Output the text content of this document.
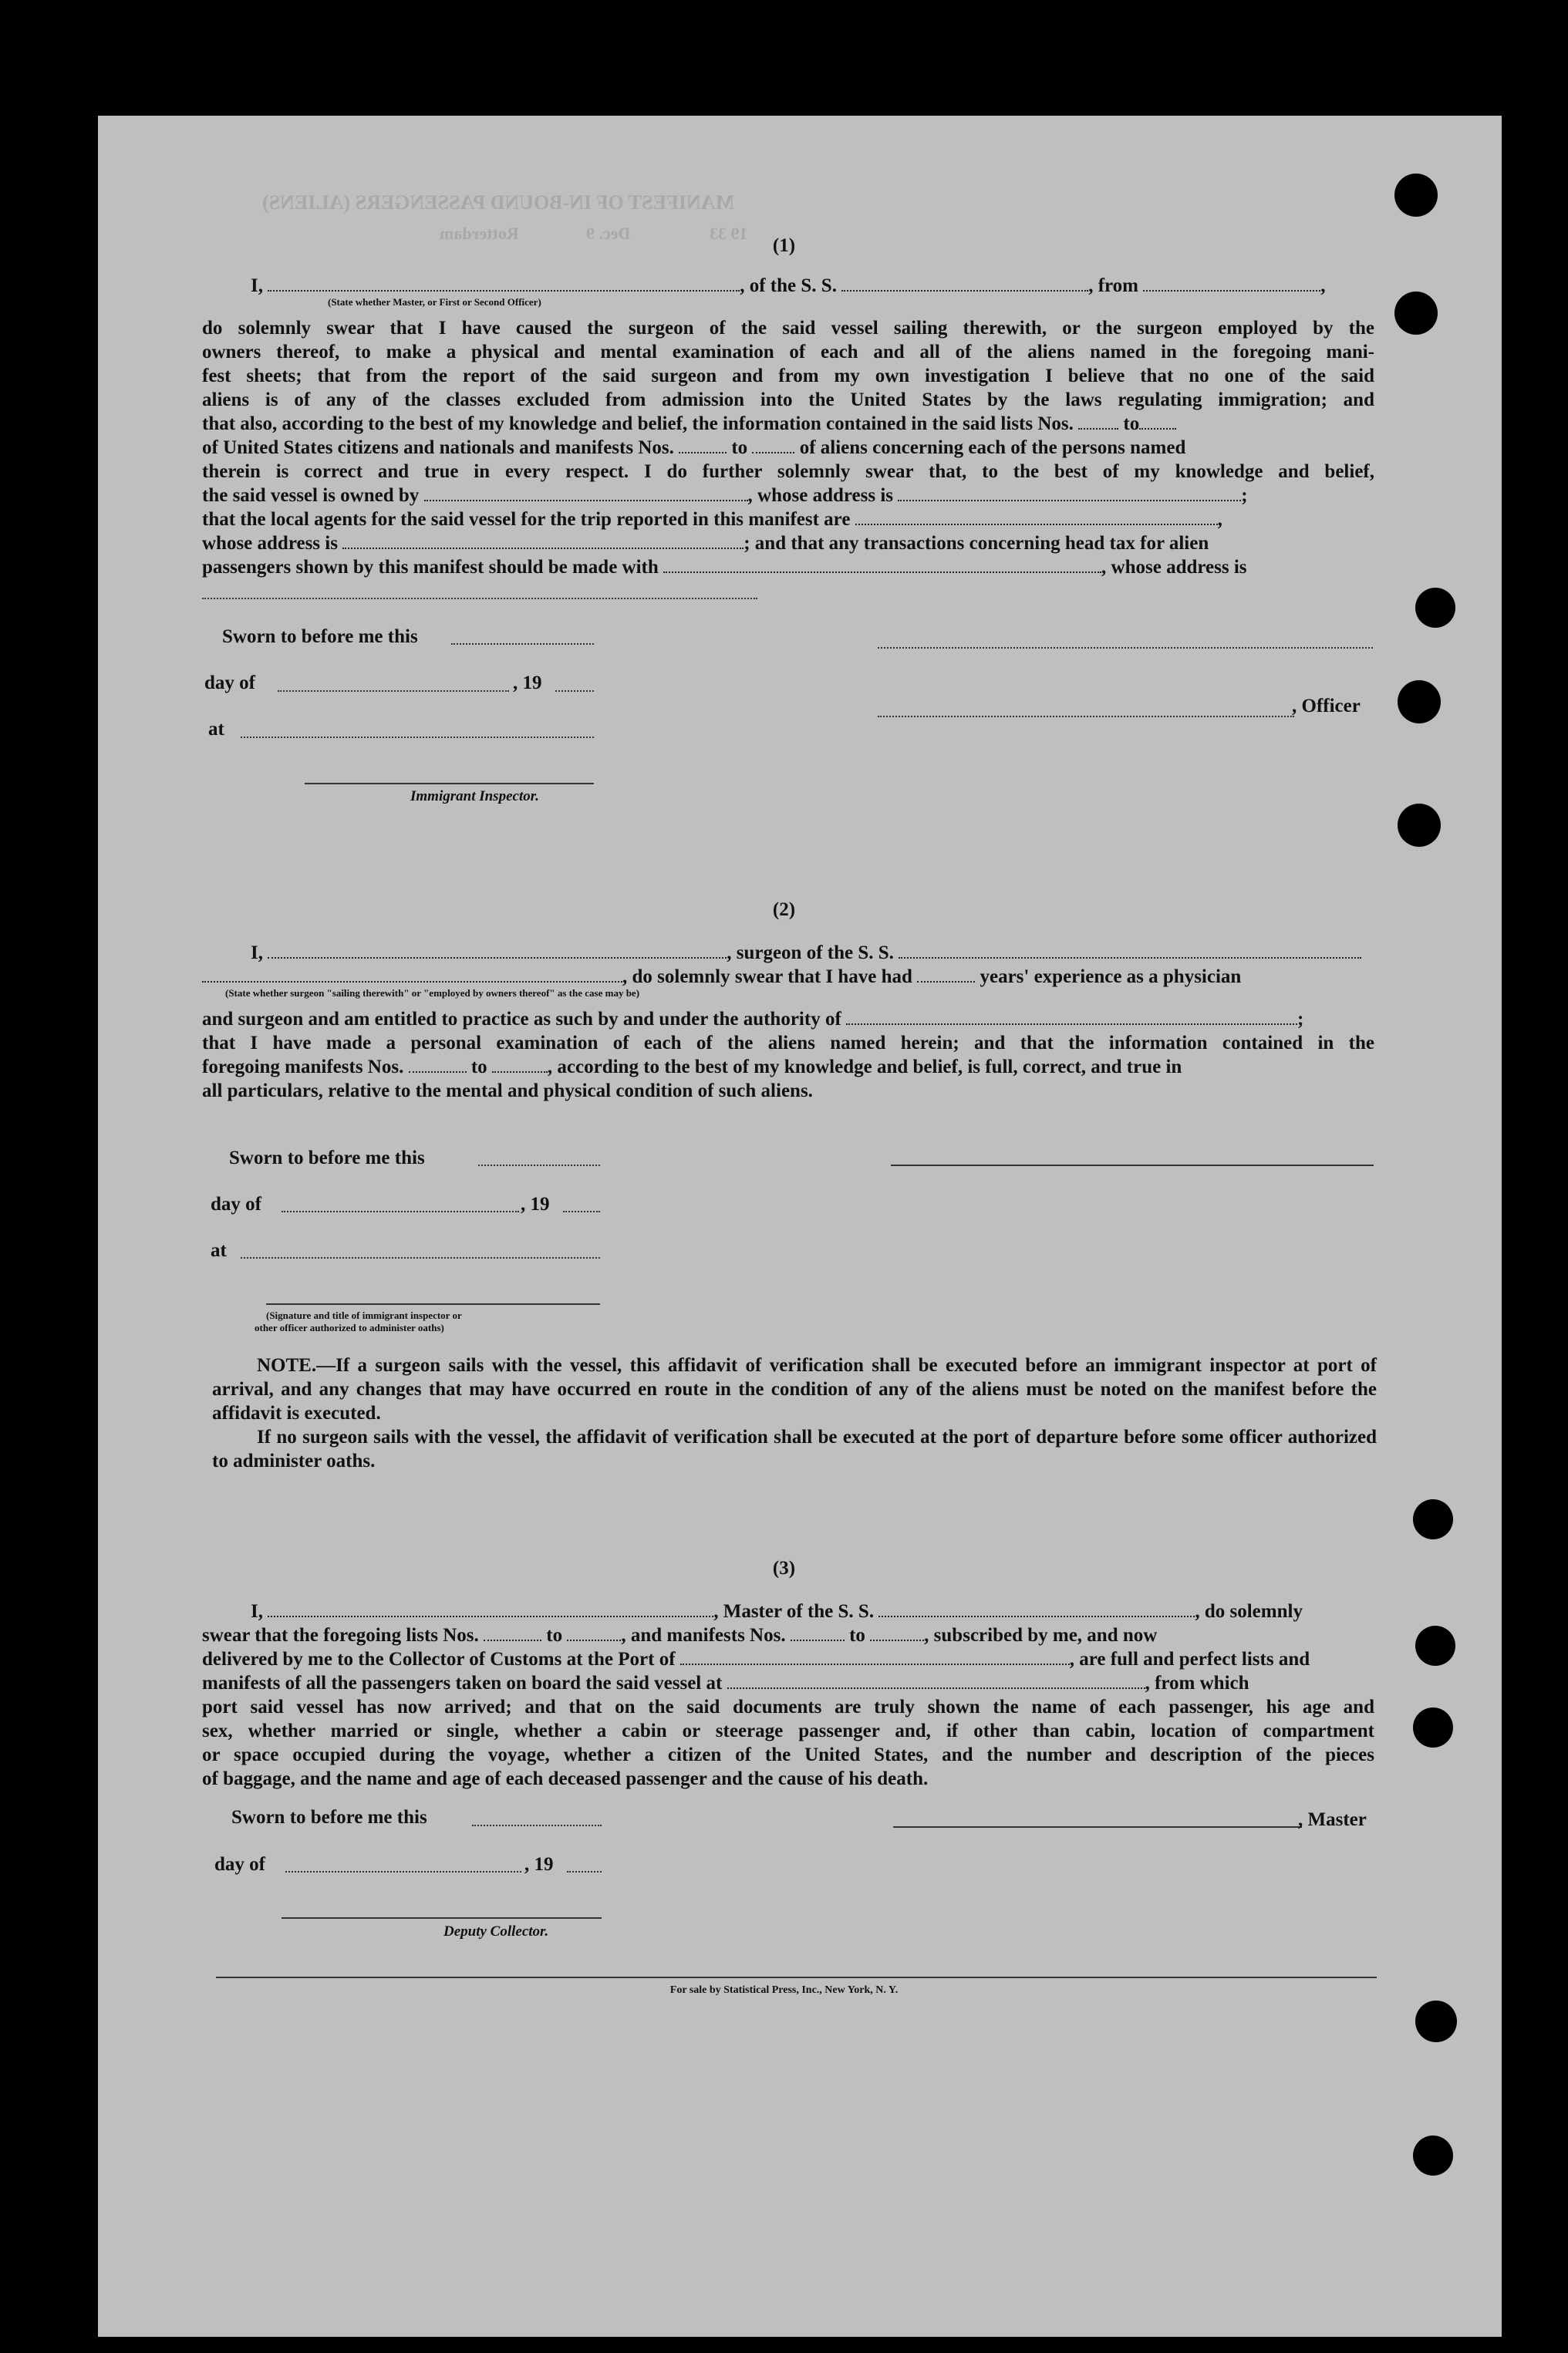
MANIFEST OF IN-BOUND PASSENGERS (ALIENS)
Dec. 9	19 33
Rotterdam
(1)
I,	, of the S. S.	, from	,
(State whether Master, or First or Second Officer)
do solemnly swear that I have caused the surgeon of the said vessel sailing therewith, or the surgeon employed by the
owners thereof, to make a physical and mental examination of each and all of the aliens named in the foregoing mani-
fest sheets; that from the report of the said surgeon and from my own investigation I believe that no one of the said
aliens is of any of the classes excluded from admission into the United States by the laws regulating immigration; and
that also, according to the best of my knowledge and belief, the information contained in the said lists Nos.	to
of United States citizens and nationals and manifests Nos.	to	of aliens concerning each of the persons named
therein is correct and true in every respect. I do further solemnly swear that, to the best of my knowledge and belief,
the said vessel is owned by	, whose address is	;
that the local agents for the said vessel for the trip reported in this manifest are	,
whose address is	; and that any transactions concerning head tax for alien
passengers shown by this manifest should be made with	, whose address is
Sworn to before me this
day of	, 19
, Officer
at
Immigrant Inspector.
(2)
I,	, surgeon of the S. S.
, do solemnly swear that I have had	years' experience as a physician
(State whether surgeon "sailing therewith" or "employed by owners thereof" as the case may be)
and surgeon and am entitled to practice as such by and under the authority of	;
that I have made a personal examination of each of the aliens named herein; and that the information contained in the
foregoing manifests Nos.	to	, according to the best of my knowledge and belief, is full, correct, and true in
all particulars, relative to the mental and physical condition of such aliens.
Sworn to before me this
day of	, 19
at
(Signature and title of immigrant inspector or
other officer authorized to administer oaths)

NOTE.—If a surgeon sails with the vessel, this affidavit of verification shall be executed before an immigrant inspector at port of arrival, and any changes that may have occurred en route in the condition of any of the aliens must be noted on the manifest before the affidavit is executed.

If no surgeon sails with the vessel, the affidavit of verification shall be executed at the port of departure before some officer authorized to administer oaths.

(3)
I,	, Master of the S. S.	, do solemnly
swear that the foregoing lists Nos.	to	, and manifests Nos.	to	, subscribed by me, and now
delivered by me to the Collector of Customs at the Port of	, are full and perfect lists and
manifests of all the passengers taken on board the said vessel at	, from which
port said vessel has now arrived; and that on the said documents are truly shown the name of each passenger, his age and
sex, whether married or single, whether a cabin or steerage passenger and, if other than cabin, location of compartment
or space occupied during the voyage, whether a citizen of the United States, and the number and description of the pieces
of baggage, and the name and age of each deceased passenger and the cause of his death.
Sworn to before me this	, Master
day of	, 19
Deputy Collector.
For sale by Statistical Press, Inc., New York, N. Y.
